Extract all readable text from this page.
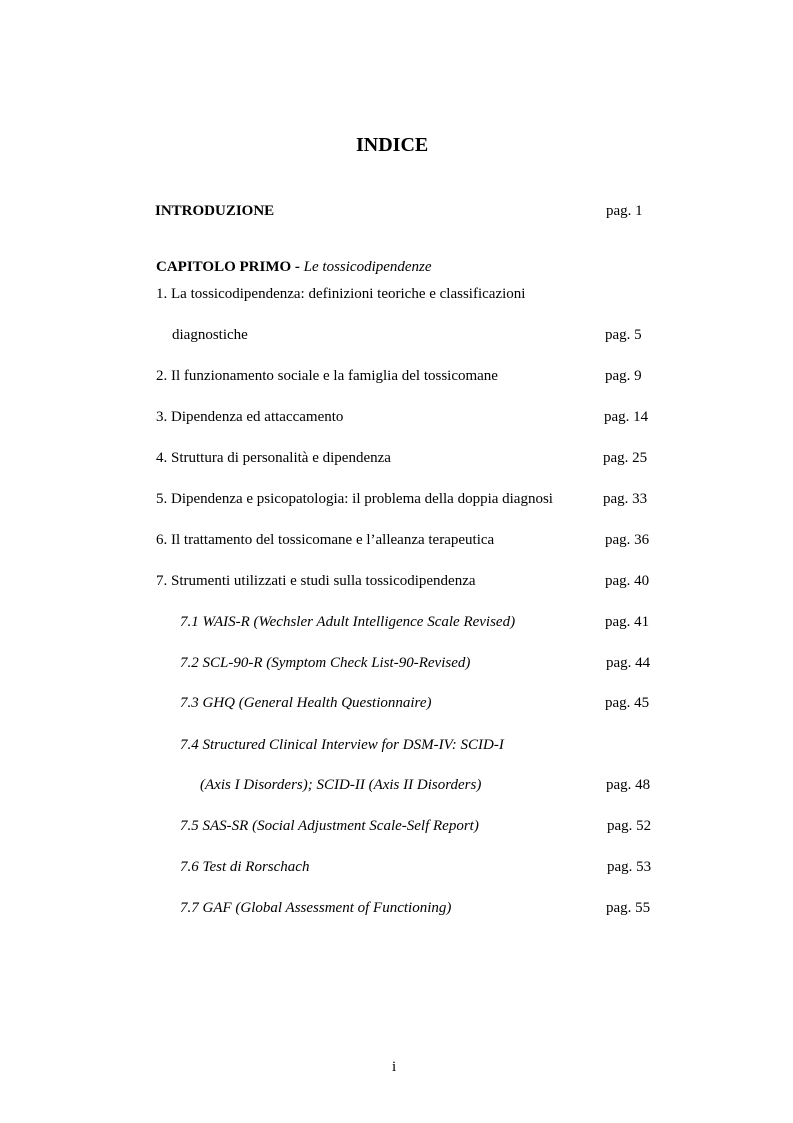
INDICE
INTRODUZIONE	pag. 1
CAPITOLO PRIMO - Le tossicodipendenze
1. La tossicodipendenza: definizioni teoriche e classificazioni
diagnostiche	pag. 5
2. Il funzionamento sociale e la famiglia del tossicomane	pag. 9
3. Dipendenza ed attaccamento	pag. 14
4. Struttura di personalità e dipendenza	pag. 25
5. Dipendenza e psicopatologia: il problema della doppia diagnosi	pag. 33
6. Il trattamento del tossicomane e l’alleanza terapeutica	pag. 36
7. Strumenti utilizzati e studi sulla tossicodipendenza	pag. 40
7.1 WAIS-R (Wechsler Adult Intelligence Scale Revised)	pag. 41
7.2 SCL-90-R (Symptom Check List-90-Revised)	pag. 44
7.3 GHQ (General Health Questionnaire)	pag. 45
7.4 Structured Clinical Interview for DSM-IV: SCID-I
(Axis I Disorders); SCID-II (Axis II Disorders)	pag. 48
7.5 SAS-SR (Social Adjustment Scale-Self Report)	pag. 52
7.6 Test di Rorschach	pag. 53
7.7 GAF (Global Assessment of Functioning)	pag. 55
i
